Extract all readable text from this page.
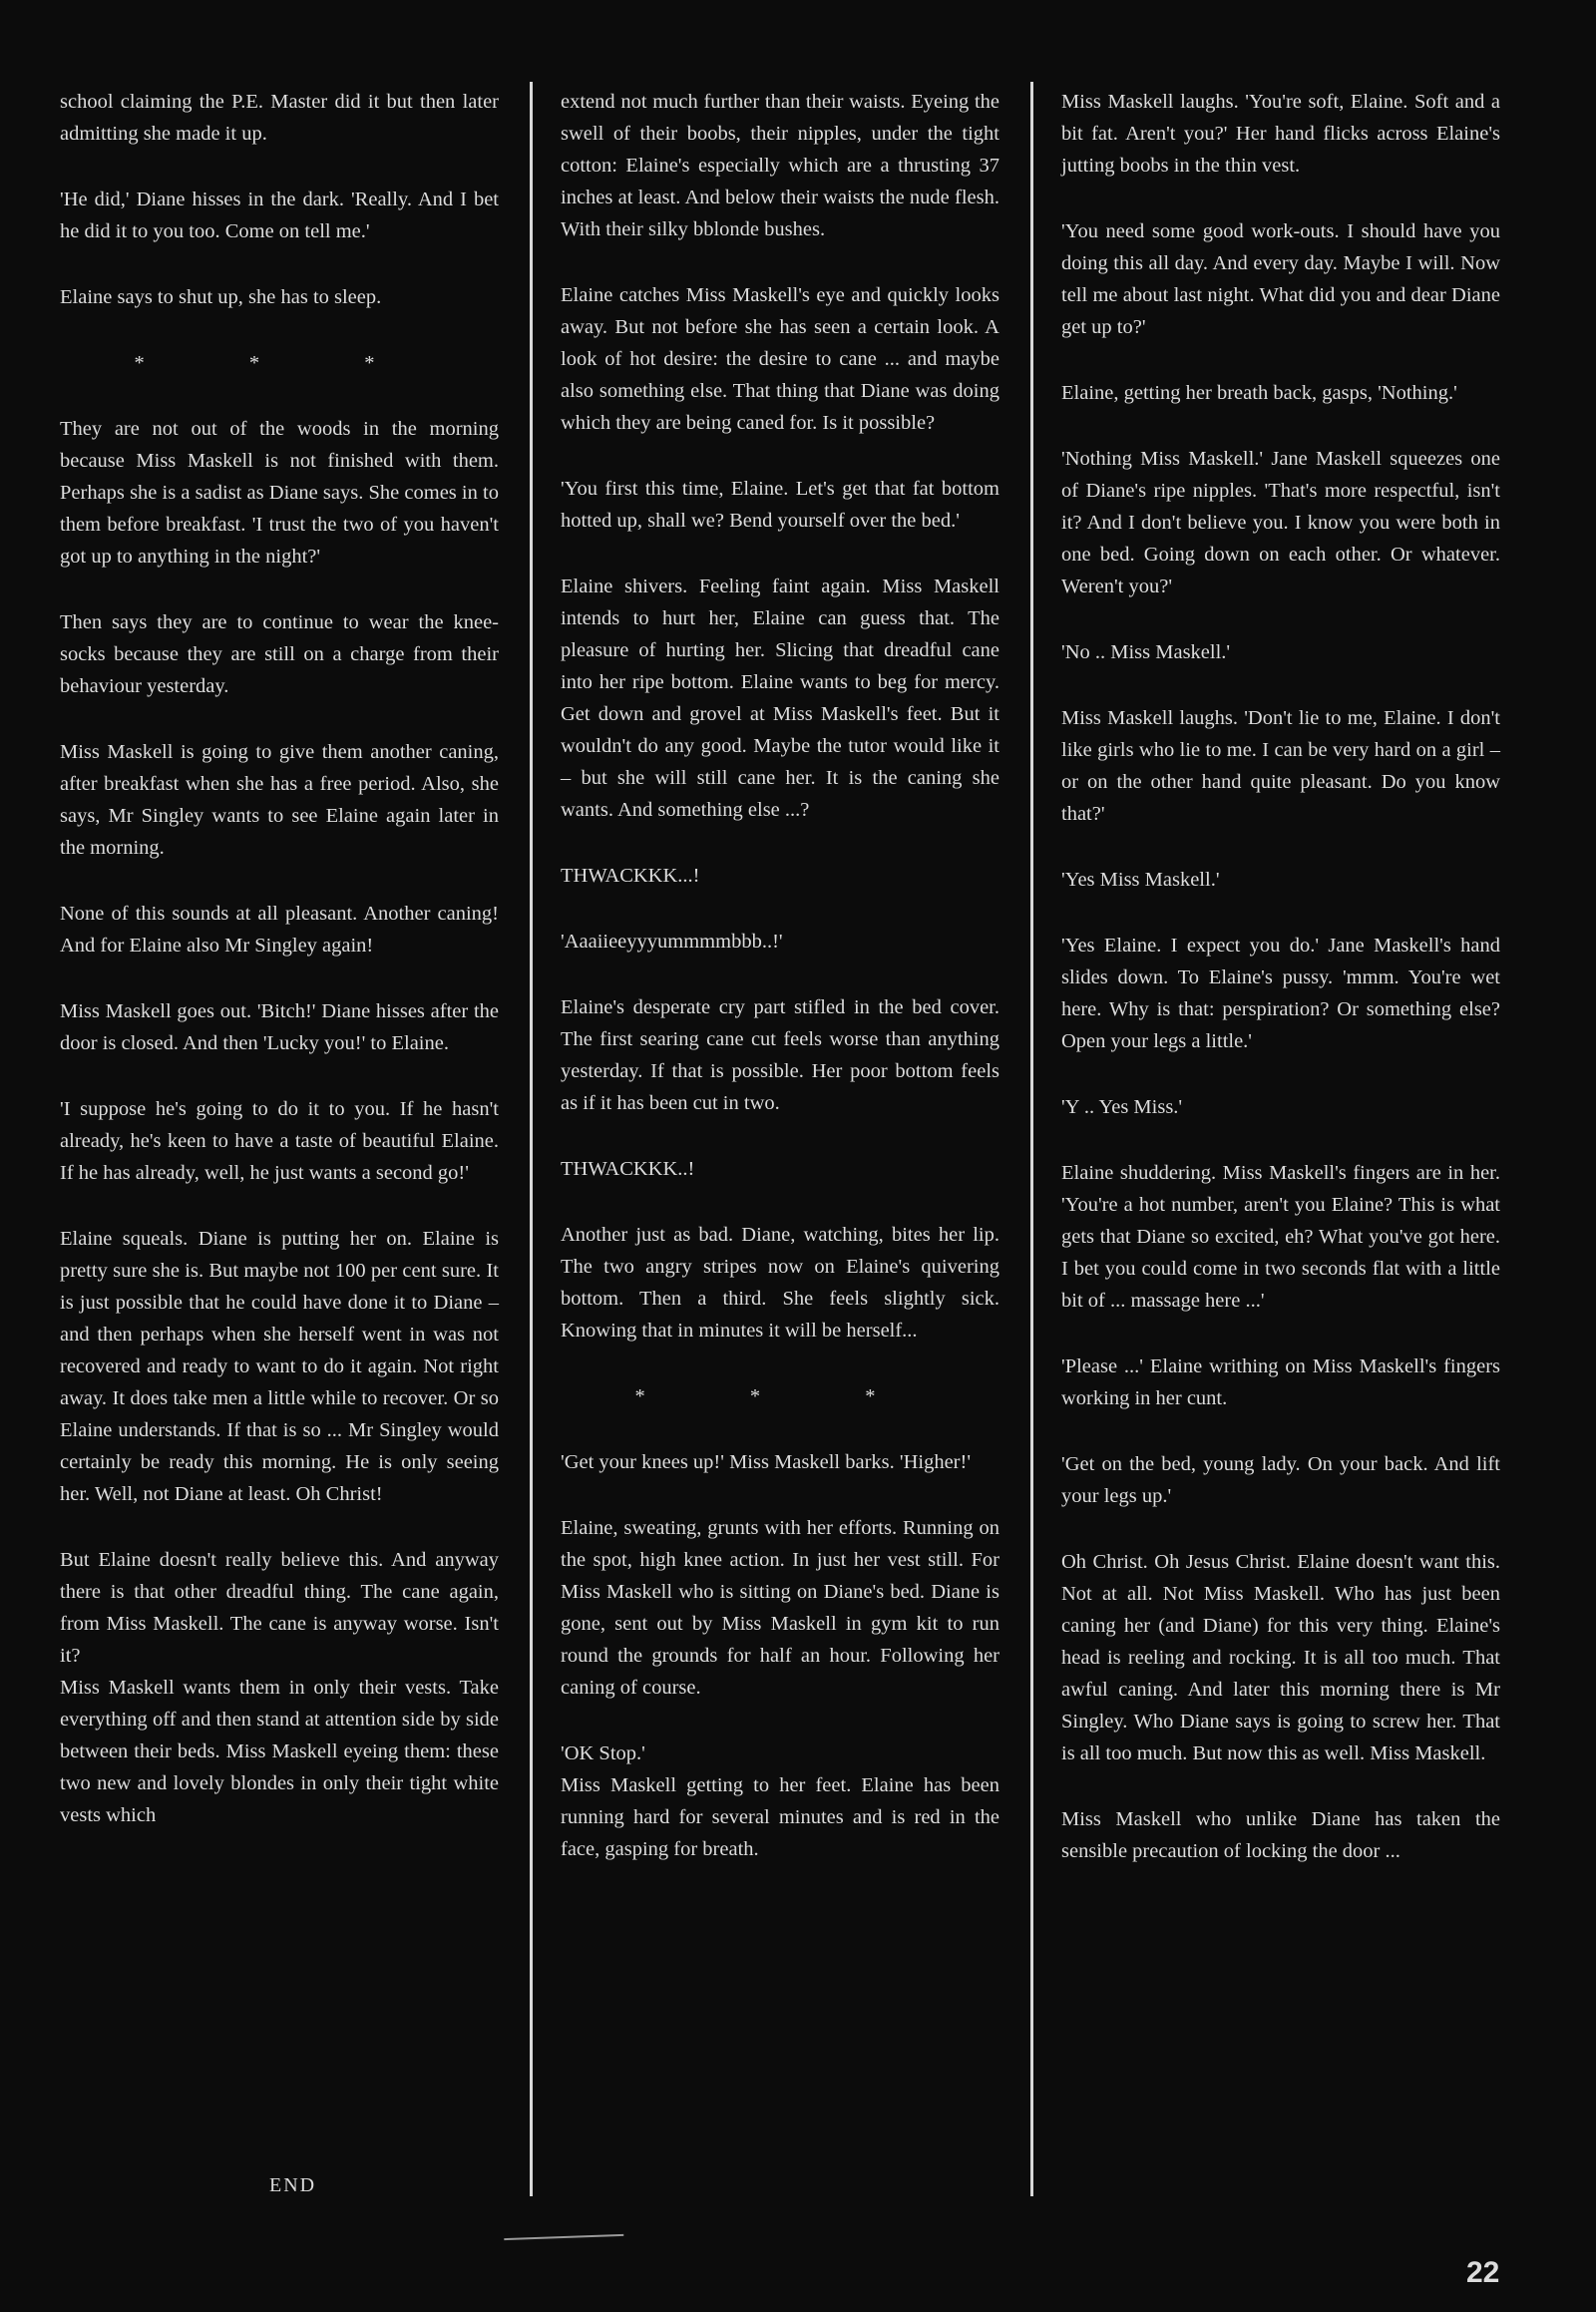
school claiming the P.E. Master did it but then later admitting she made it up.

'He did,' Diane hisses in the dark. 'Really. And I bet he did it to you too. Come on tell me.'

Elaine says to shut up, she has to sleep.

* * *

They are not out of the woods in the morning because Miss Maskell is not finished with them. Perhaps she is a sadist as Diane says. She comes in to them before breakfast. 'I trust the two of you haven't got up to anything in the night?'

Then says they are to continue to wear the knee-socks because they are still on a charge from their behaviour yesterday.

Miss Maskell is going to give them another caning, after breakfast when she has a free period. Also, she says, Mr Singley wants to see Elaine again later in the morning.

None of this sounds at all pleasant. Another caning! And for Elaine also Mr Singley again!

Miss Maskell goes out. 'Bitch!' Diane hisses after the door is closed. And then 'Lucky you!' to Elaine.

'I suppose he's going to do it to you. If he hasn't already, he's keen to have a taste of beautiful Elaine. If he has already, well, he just wants a second go!'

Elaine squeals. Diane is putting her on. Elaine is pretty sure she is. But maybe not 100 per cent sure. It is just possible that he could have done it to Diane – and then perhaps when she herself went in was not recovered and ready to want to do it again. Not right away. It does take men a little while to recover. Or so Elaine understands. If that is so ... Mr Singley would certainly be ready this morning. He is only seeing her. Well, not Diane at least. Oh Christ!

But Elaine doesn't really believe this. And anyway there is that other dreadful thing. The cane again, from Miss Maskell. The cane is anyway worse. Isn't it?

Miss Maskell wants them in only their vests. Take everything off and then stand at attention side by side between their beds. Miss Maskell eyeing them: these two new and lovely blondes in only their tight white vests which

extend not much further than their waists. Eyeing the swell of their boobs, their nipples, under the tight cotton: Elaine's especially which are a thrusting 37 inches at least. And below their waists the nude flesh. With their silky bblonde bushes.

Elaine catches Miss Maskell's eye and quickly looks away. But not before she has seen a certain look. A look of hot desire: the desire to cane ... and maybe also something else. That thing that Diane was doing which they are being caned for. Is it possible?

'You first this time, Elaine. Let's get that fat bottom hotted up, shall we? Bend yourself over the bed.'

Elaine shivers. Feeling faint again. Miss Maskell intends to hurt her, Elaine can guess that. The pleasure of hurting her. Slicing that dreadful cane into her ripe bottom. Elaine wants to beg for mercy. Get down and grovel at Miss Maskell's feet. But it wouldn't do any good. Maybe the tutor would like it – but she will still cane her. It is the caning she wants. And something else ...?

THWACKKK...!

'Aaaiieeyyyummmmbbb..!'

Elaine's desperate cry part stifled in the bed cover. The first searing cane cut feels worse than anything yesterday. If that is possible. Her poor bottom feels as if it has been cut in two.

THWACKKK..!

Another just as bad. Diane, watching, bites her lip. The two angry stripes now on Elaine's quivering bottom. Then a third. She feels slightly sick. Knowing that in minutes it will be herself...

* * *

'Get your knees up!' Miss Maskell barks. 'Higher!'

Elaine, sweating, grunts with her efforts. Running on the spot, high knee action. In just her vest still. For Miss Maskell who is sitting on Diane's bed. Diane is gone, sent out by Miss Maskell in gym kit to run round the grounds for half an hour. Following her caning of course.

'OK Stop.'

Miss Maskell getting to her feet. Elaine has been running hard for several minutes and is red in the face, gasping for breath.

Miss Maskell laughs. 'You're soft, Elaine. Soft and a bit fat. Aren't you?' Her hand flicks across Elaine's jutting boobs in the thin vest.

'You need some good work-outs. I should have you doing this all day. And every day. Maybe I will. Now tell me about last night. What did you and dear Diane get up to?'

Elaine, getting her breath back, gasps, 'Nothing.'

'Nothing Miss Maskell.' Jane Maskell squeezes one of Diane's ripe nipples. 'That's more respectful, isn't it? And I don't believe you. I know you were both in one bed. Going down on each other. Or whatever. Weren't you?'

'No .. Miss Maskell.'

Miss Maskell laughs. 'Don't lie to me, Elaine. I don't like girls who lie to me. I can be very hard on a girl – or on the other hand quite pleasant. Do you know that?'

'Yes Miss Maskell.'

'Yes Elaine. I expect you do.' Jane Maskell's hand slides down. To Elaine's pussy. 'mmm. You're wet here. Why is that: perspiration? Or something else? Open your legs a little.'

'Y .. Yes Miss.'

Elaine shuddering. Miss Maskell's fingers are in her. 'You're a hot number, aren't you Elaine? This is what gets that Diane so excited, eh? What you've got here. I bet you could come in two seconds flat with a little bit of ... massage here ...'

'Please ...' Elaine writhing on Miss Maskell's fingers working in her cunt.

'Get on the bed, young lady. On your back. And lift your legs up.'

Oh Christ. Oh Jesus Christ. Elaine doesn't want this. Not at all. Not Miss Maskell. Who has just been caning her (and Diane) for this very thing. Elaine's head is reeling and rocking. It is all too much. That awful caning. And later this morning there is Mr Singley. Who Diane says is going to screw her. That is all too much. But now this as well. Miss Maskell.

Miss Maskell who unlike Diane has taken the sensible precaution of locking the door ...

END
22
